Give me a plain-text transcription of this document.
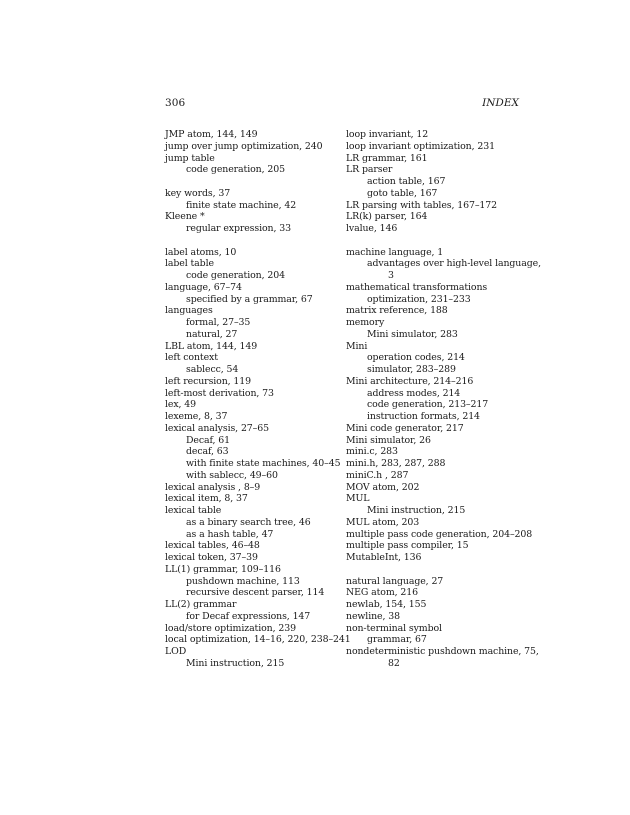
306	INDEX
JMP atom, 144, 149
jump over jump optimization, 240
jump table
code generation, 205
key words, 37
finite state machine, 42
Kleene *
regular expression, 33
label atoms, 10
label table
code generation, 204
language, 67–74
specified by a grammar, 67
languages
formal, 27–35
natural, 27
LBL atom, 144, 149
left context
sablecc, 54
left recursion, 119
left-most derivation, 73
lex, 49
lexeme, 8, 37
lexical analysis, 27–65
Decaf, 61
decaf, 63
with finite state machines, 40–45
with sablecc, 49–60
lexical analysis , 8–9
lexical item, 8, 37
lexical table
as a binary search tree, 46
as a hash table, 47
lexical tables, 46–48
lexical token, 37–39
LL(1) grammar, 109–116
pushdown machine, 113
recursive descent parser, 114
LL(2) grammar
for Decaf expressions, 147
load/store optimization, 239
local optimization, 14–16, 220, 238–241
LOD
Mini instruction, 215
loop invariant, 12
loop invariant optimization, 231
LR grammar, 161
LR parser
action table, 167
goto table, 167
LR parsing with tables, 167–172
LR(k) parser, 164
lvalue, 146
machine language, 1
advantages over high-level language,
3
mathematical transformations
optimization, 231–233
matrix reference, 188
memory
Mini simulator, 283
Mini
operation codes, 214
simulator, 283–289
Mini architecture, 214–216
address modes, 214
code generation, 213–217
instruction formats, 214
Mini code generator, 217
Mini simulator, 26
mini.c, 283
mini.h, 283, 287, 288
miniC.h , 287
MOV atom, 202
MUL
Mini instruction, 215
MUL atom, 203
multiple pass code generation, 204–208
multiple pass compiler, 15
MutableInt, 136
natural language, 27
NEG atom, 216
newlab, 154, 155
newline, 38
non-terminal symbol
grammar, 67
nondeterministic pushdown machine, 75,
82
